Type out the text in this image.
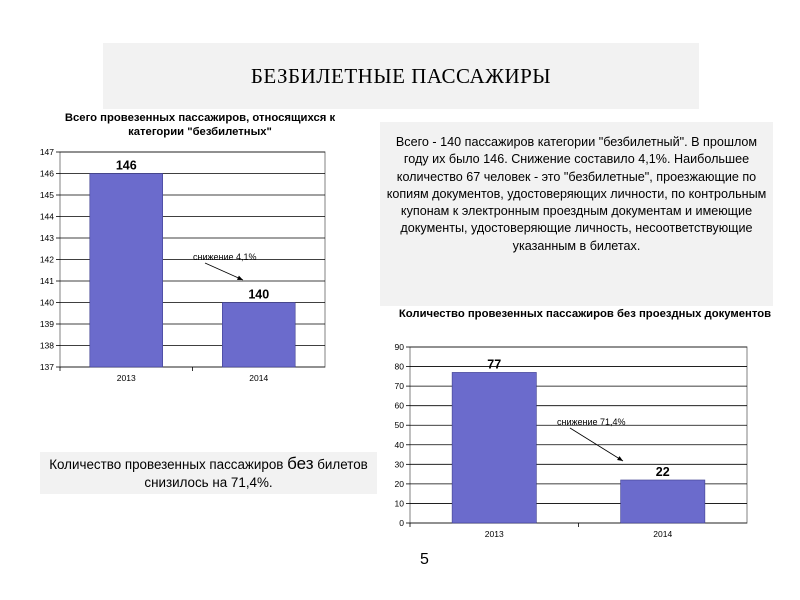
БЕЗБИЛЕТНЫЕ ПАССАЖИРЫ
Всего провезенных пассажиров, относящихся к категории "безбилетных"
137
138
139
140
141
142
143
144
145
146
147
146
2013
140
2014
снижение 4,1%
Всего - 140 пассажиров категории "безбилетный". В прошлом году их было 146. Снижение составило 4,1%. Наибольшее количество 67 человек - это "безбилетные", проезжающие по копиям документов, удостоверяющих личности, по контрольным купонам к электронным проездным документам и имеющие документы, удостоверяющие личность, несоответствующие указанным в билетах.
Количество провезенных пассажиров без проездных документов
0
10
20
30
40
50
60
70
80
90
77
2013
22
2014
снижение 71,4%
Количество провезенных пассажиров без билетов снизилось на 71,4%.
5
